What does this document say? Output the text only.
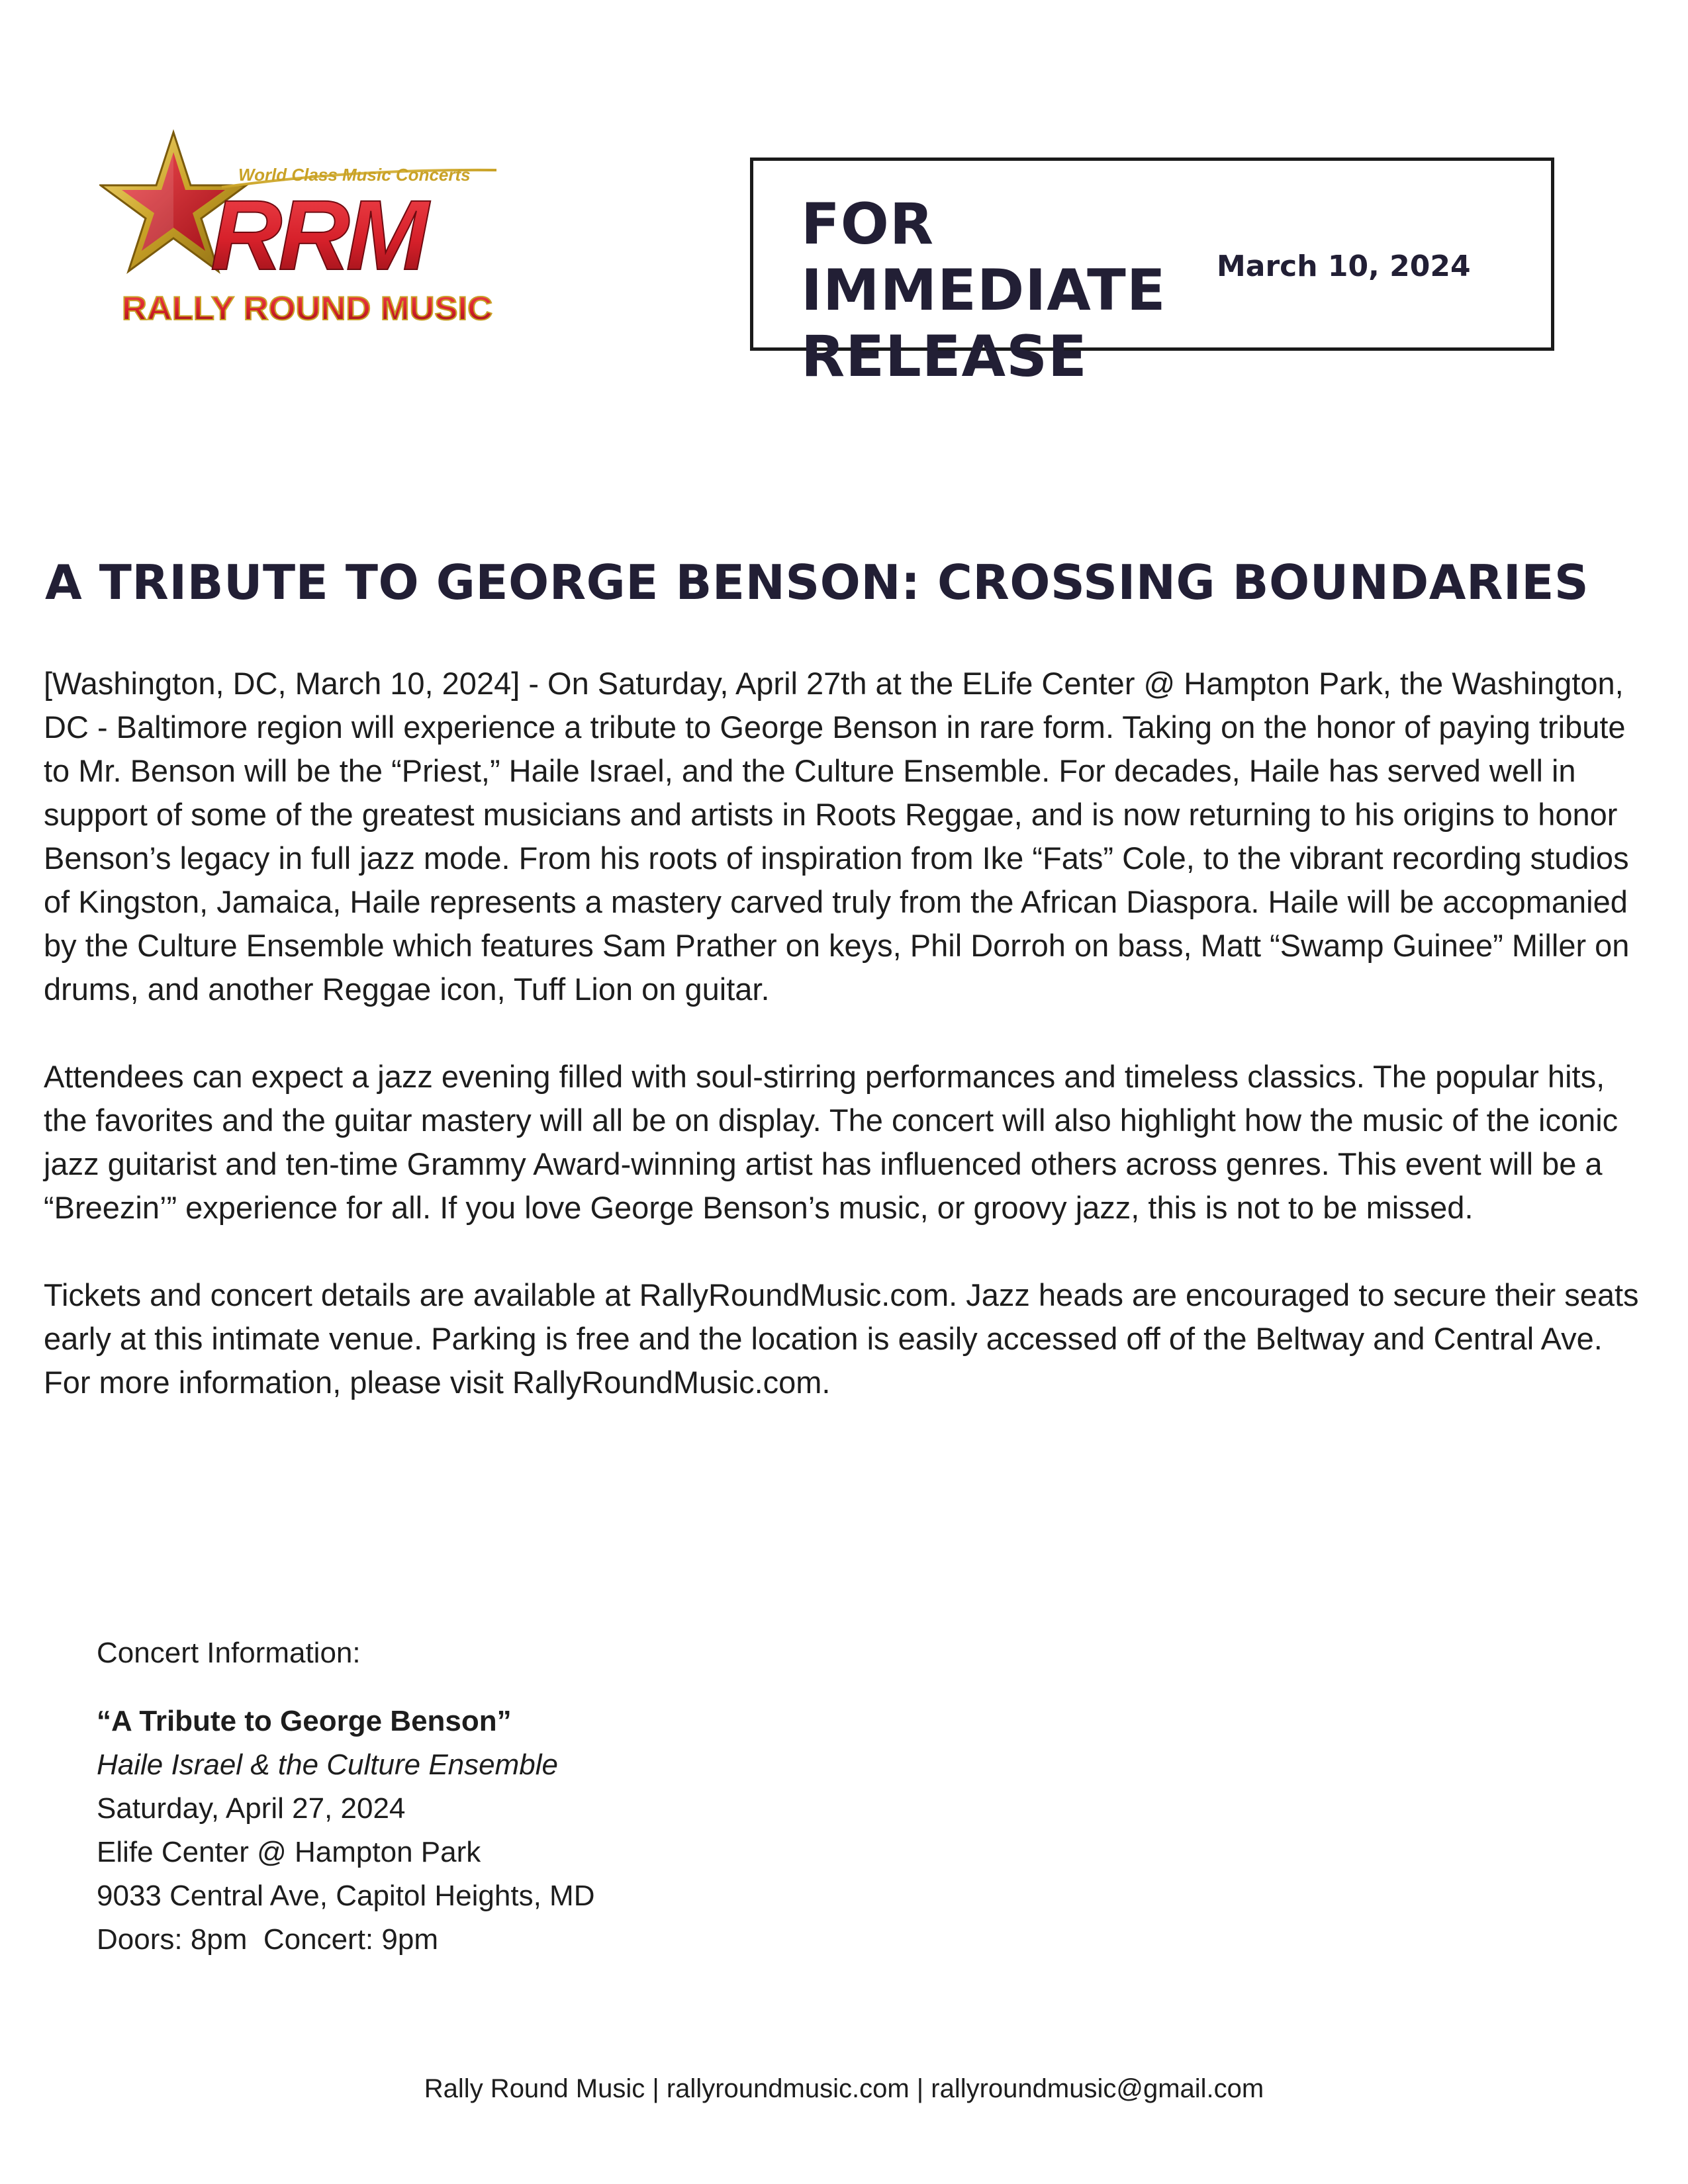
World Class Music Concerts
RRM
RALLY ROUND MUSIC
FOR IMMEDIATE RELEASE
March 10, 2024
A TRIBUTE TO GEORGE BENSON: CROSSING BOUNDARIES

[Washington, DC, March 10, 2024] - On Saturday, April 27th at the ELife Center @ Hampton Park, the Washington, DC - Baltimore region will experience a tribute to George Benson in rare form. Taking on the honor of paying tribute to Mr. Benson will be the “Priest,” Haile Israel, and the Culture Ensemble. For decades, Haile has served well in support of some of the greatest musicians and artists in Roots Reggae, and is now returning to his origins to honor Benson’s legacy in full jazz mode. From his roots of inspiration from Ike “Fats” Cole, to the vibrant recording studios of Kingston, Jamaica, Haile represents a mastery carved truly from the African Diaspora. Haile will be accopmanied by the Culture Ensemble which features Sam Prather on keys, Phil Dorroh on bass, Matt “Swamp Guinee” Miller on drums, and another Reggae icon, Tuff Lion on guitar.

Attendees can expect a jazz evening filled with soul-stirring performances and timeless classics. The popular hits, the favorites and the guitar mastery will all be on display. The concert will also highlight how the music of the iconic jazz guitarist and ten-time Grammy Award-winning artist has influenced others across genres. This event will be a “Breezin’” experience for all. If you love George Benson’s music, or groovy jazz, this is not to be missed.

Tickets and concert details are available at RallyRoundMusic.com. Jazz heads are encouraged to secure their seats early at this intimate venue. Parking is free and the location is easily accessed off of the Beltway and Central Ave. For more information, please visit RallyRoundMusic.com.

Concert Information:

“A Tribute to George Benson”
Haile Israel & the Culture Ensemble
Saturday, April 27, 2024
Elife Center @ Hampton Park
9033 Central Ave, Capitol Heights, MD
Doors: 8pm  Concert: 9pm
Rally Round Music | rallyroundmusic.com | rallyroundmusic@gmail.com
